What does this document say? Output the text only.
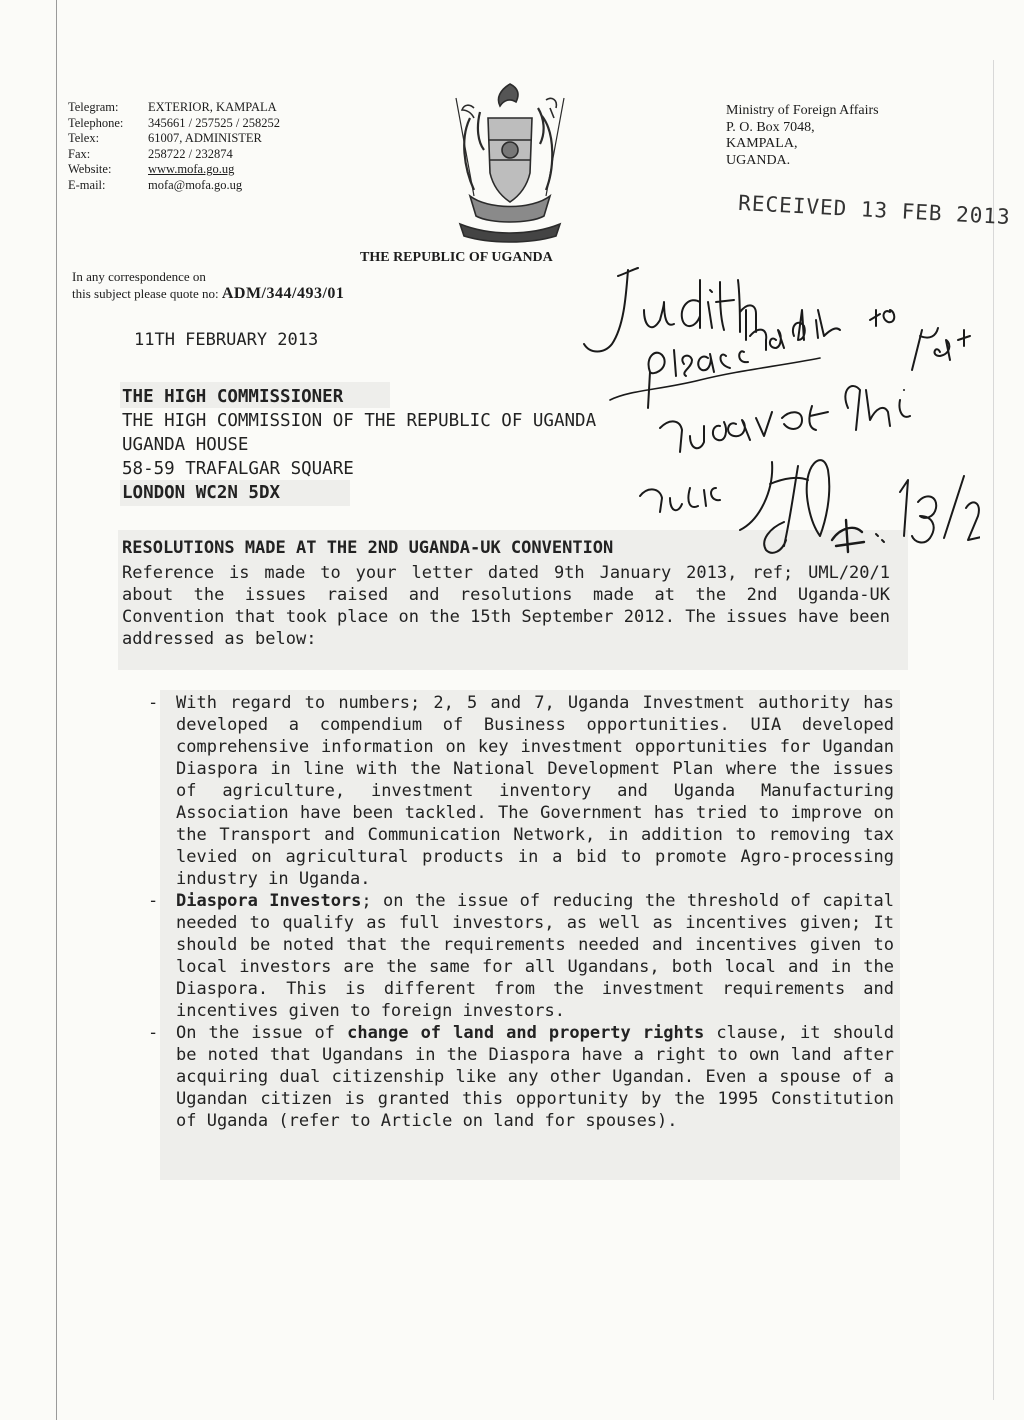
Telegram:	EXTERIOR, KAMPALA
Telephone:	345661 / 257525 / 258252
Telex:	61007, ADMINISTER
Fax:	258722 / 232874
Website:	www.mofa.go.ug
E-mail:	mofa@mofa.go.ug
Ministry of Foreign Affairs
P. O. Box 7048,
KAMPALA,
UGANDA.
RECEIVED 13 FEB 2013
THE REPUBLIC OF UGANDA
In any correspondence on
this subject please quote no: ADM/344/493/01
11TH FEBRUARY 2013
THE HIGH COMMISSIONER
THE HIGH COMMISSION OF THE REPUBLIC OF UGANDA
UGANDA HOUSE
58-59 TRAFALGAR SQUARE
LONDON WC2N 5DX
RESOLUTIONS MADE AT THE 2ND UGANDA-UK CONVENTION
Reference is made to your letter dated 9th January 2013, ref; UML/20/1 about the issues raised and resolutions made at the 2nd Uganda-UK Convention that took place on the 15th September 2012. The issues have been addressed as below:
- With regard to numbers; 2, 5 and 7, Uganda Investment authority has developed a compendium of Business opportunities. UIA developed comprehensive information on key investment opportunities for Ugandan Diaspora in line with the National Development Plan where the issues of agriculture, investment inventory and Uganda Manufacturing Association have been tackled. The Government has tried to improve on the Transport and Communication Network, in addition to removing tax levied on agricultural products in a bid to promote Agro-processing industry in Uganda.
- Diaspora Investors; on the issue of reducing the threshold of capital needed to qualify as full investors, as well as incentives given; It should be noted that the requirements needed and incentives given to local investors are the same for all Ugandans, both local and in the Diaspora. This is different from the investment requirements and incentives given to foreign investors.
- On the issue of change of land and property rights clause, it should be noted that Ugandans in the Diaspora have a right to own land after acquiring dual citizenship like any other Ugandan. Even a spouse of a Ugandan citizen is granted this opportunity by the 1995 Constitution of Uganda (refer to Article on land for spouses).
